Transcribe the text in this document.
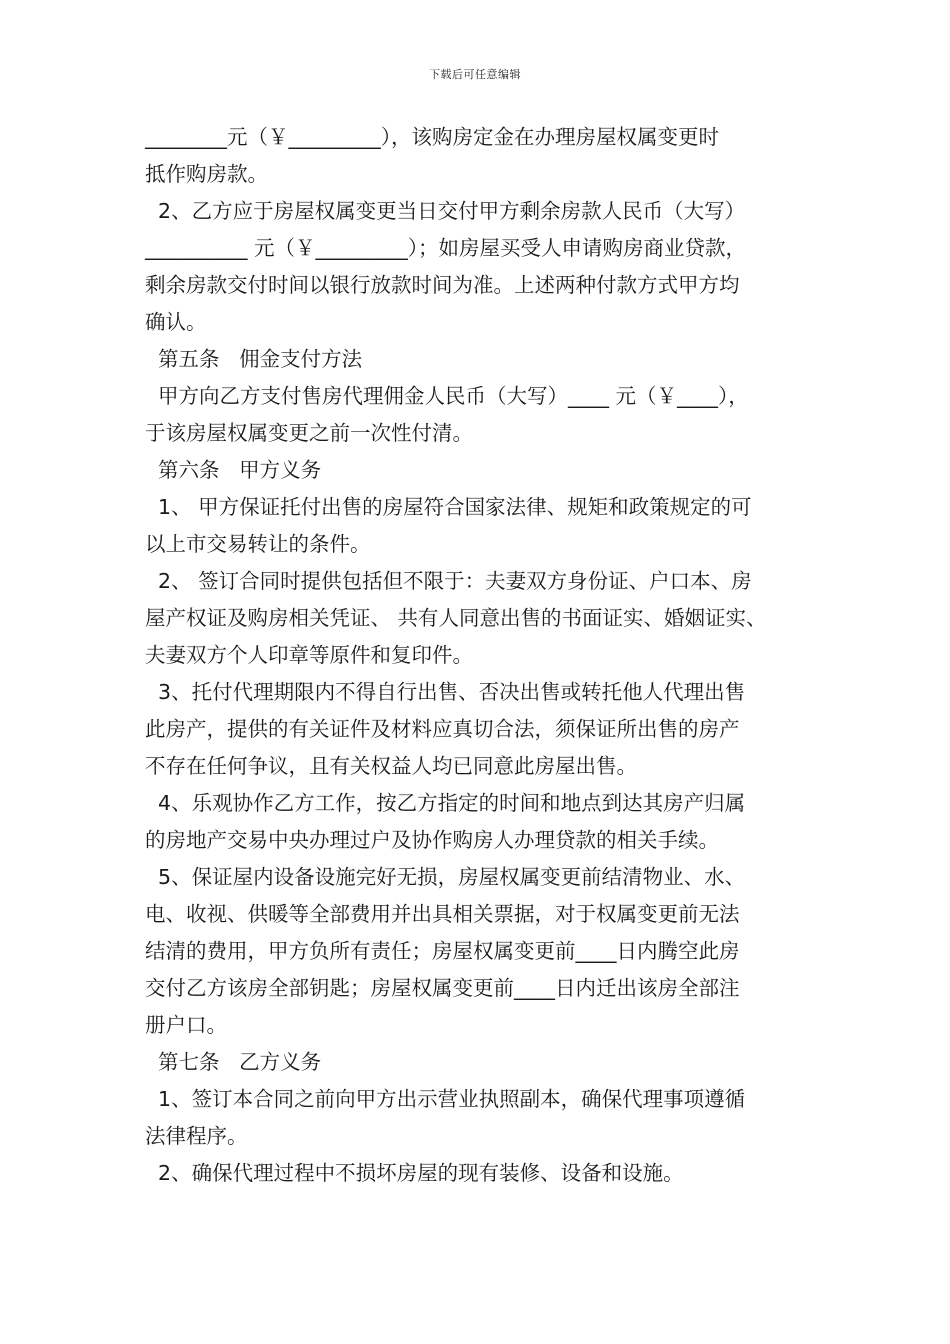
下载后可任意编辑
________元（￥_________），该购房定金在办理房屋权属变更时
抵作购房款。
2、乙方应于房屋权属变更当日交付甲方剩余房款人民币（大写）
__________ 元（￥_________）；如房屋买受人申请购房商业贷款，
剩余房款交付时间以银行放款时间为准。上述两种付款方式甲方均
确认。
第五条   佣金支付方法
甲方向乙方支付售房代理佣金人民币（大写）____ 元（￥____），
于该房屋权属变更之前一次性付清。
第六条   甲方义务
1、 甲方保证托付出售的房屋符合国家法律、规矩和政策规定的可
以上市交易转让的条件。
2、 签订合同时提供包括但不限于：夫妻双方身份证、户口本、房
屋产权证及购房相关凭证、 共有人同意出售的书面证实、婚姻证实、
夫妻双方个人印章等原件和复印件。
3、托付代理期限内不得自行出售、否决出售或转托他人代理出售
此房产，提供的有关证件及材料应真切合法，须保证所出售的房产
不存在任何争议，且有关权益人均已同意此房屋出售。
4、乐观协作乙方工作，按乙方指定的时间和地点到达其房产归属
的房地产交易中央办理过户及协作购房人办理贷款的相关手续。
5、保证屋内设备设施完好无损，房屋权属变更前结清物业、水、
电、收视、供暖等全部费用并出具相关票据，对于权属变更前无法
结清的费用，甲方负所有责任；房屋权属变更前____日内腾空此房
交付乙方该房全部钥匙；房屋权属变更前____日内迁出该房全部注
册户口。
第七条   乙方义务
1、签订本合同之前向甲方出示营业执照副本，确保代理事项遵循
法律程序。
2、确保代理过程中不损坏房屋的现有装修、设备和设施。
